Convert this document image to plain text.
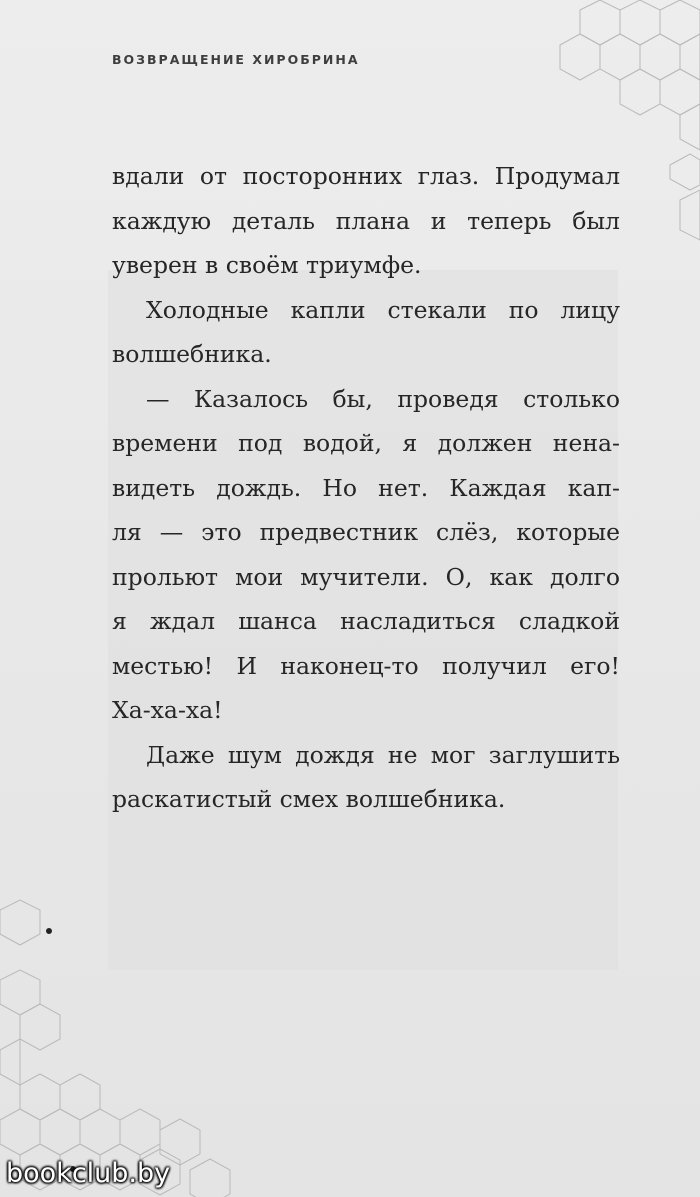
ВОЗВРАЩЕНИЕ ХИРОБРИНА
вдали от посторонних глаз. Продумал
каждую деталь плана и теперь был
уверен в своём триумфе.
Холодные капли стекали по лицу
волшебника.
— Казалось бы, проведя столько
времени под водой, я должен нена-
видеть дождь. Но нет. Каждая кап-
ля — это предвестник слёз, которые
прольют мои мучители. О, как долго
я ждал шанса насладиться сладкой
местью! И наконец-то получил его!
Ха-ха-ха!
Даже шум дождя не мог заглушить
раскатистый смех волшебника.
bookclub.by
